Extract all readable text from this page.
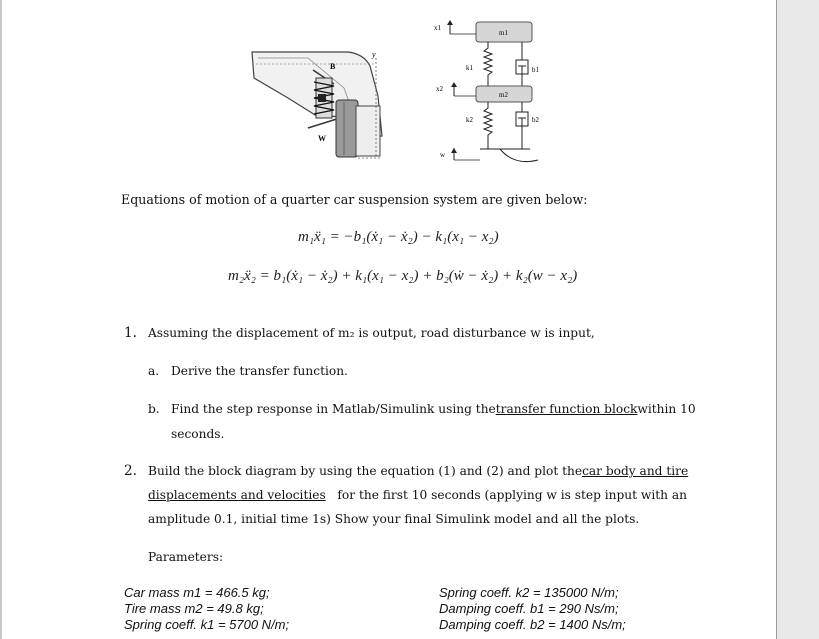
B
y
W
m1
x1
k1	b1
m2
x2
k2	b2
w
Equations of motion of a quarter car suspension system are given below:
m₁ẍ₁ = −b₁(ẋ₁ − ẋ₂) − k₁(x₁ − x₂)
m₂ẍ₂ = b₁(ẋ₁ − ẋ₂) + k₁(x₁ − x₂) + b₂(ẇ − ẋ₂) + k₂(w − x₂)
1. Assuming the displacement of m₂ is output, road disturbance w is input,
a. Derive the transfer function.
b. Find the step response in Matlab/Simulink using the transfer function block within 10
seconds.
2. Build the block diagram by using the equation (1) and (2) and plot the car body and tire
displacements and velocities for the first 10 seconds (applying w is step input with an
amplitude 0.1, initial time 1s) Show your final Simulink model and all the plots.
Parameters:
Car mass m1 = 466.5 kg;
Tire mass m2 = 49.8 kg;
Spring coeff. k1 = 5700 N/m;
Spring coeff. k2 = 135000 N/m;
Damping coeff. b1 = 290 Ns/m;
Damping coeff. b2 = 1400 Ns/m;
